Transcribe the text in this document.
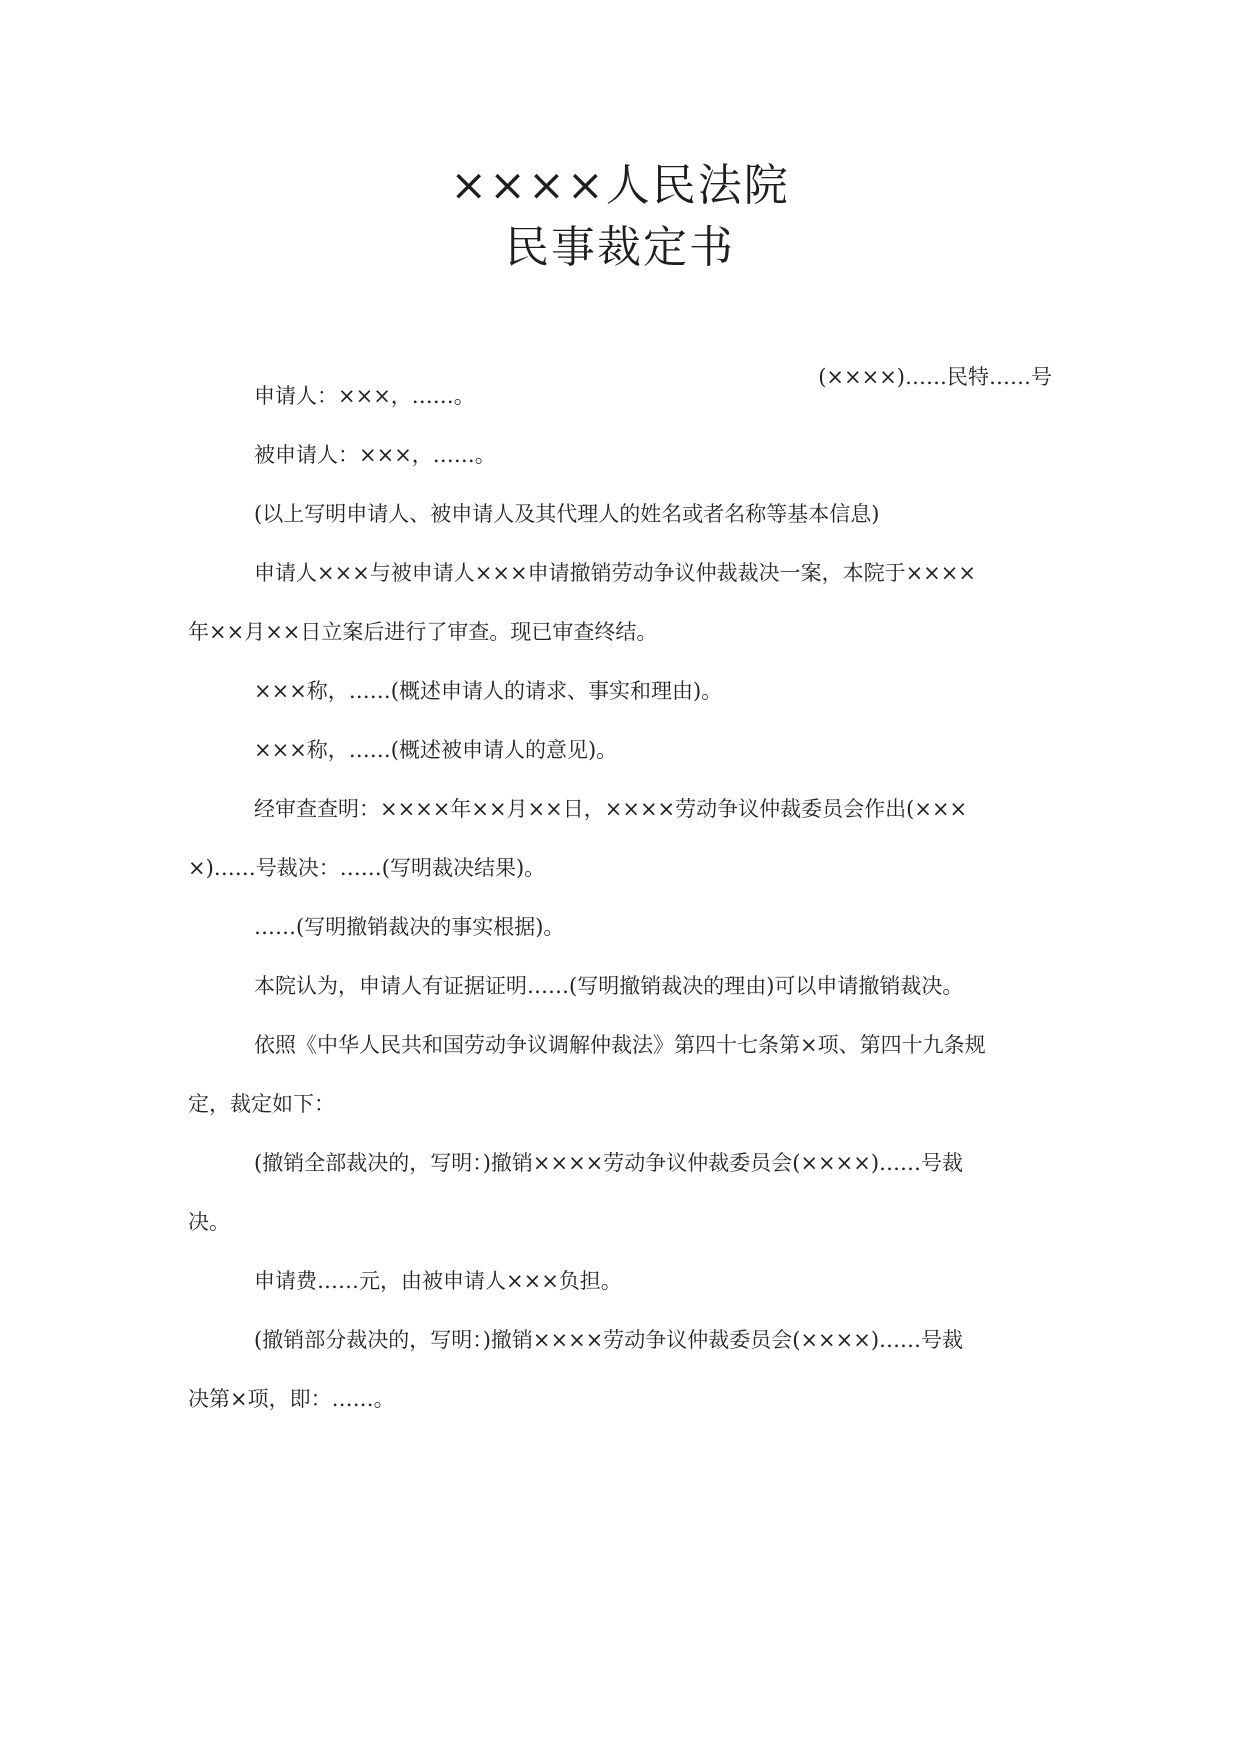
××××人民法院
民事裁定书
(××××)……民特……号
申请人：×××，……。
被申请人：×××，……。
(以上写明申请人、被申请人及其代理人的姓名或者名称等基本信息)
申请人×××与被申请人×××申请撤销劳动争议仲裁裁决一案，本院于××××
年××月××日立案后进行了审查。现已审查终结。
×××称，……(概述申请人的请求、事实和理由)。
×××称，……(概述被申请人的意见)。
经审查查明：××××年××月××日，××××劳动争议仲裁委员会作出(×××
×)……号裁决：……(写明裁决结果)。
……(写明撤销裁决的事实根据)。
本院认为，申请人有证据证明……(写明撤销裁决的理由)可以申请撤销裁决。
依照《中华人民共和国劳动争议调解仲裁法》第四十七条第×项、第四十九条规
定，裁定如下：
(撤销全部裁决的，写明：)撤销××××劳动争议仲裁委员会(××××)……号裁
决。
申请费……元，由被申请人×××负担。
(撤销部分裁决的，写明：)撤销××××劳动争议仲裁委员会(××××)……号裁
决第×项，即：……。
